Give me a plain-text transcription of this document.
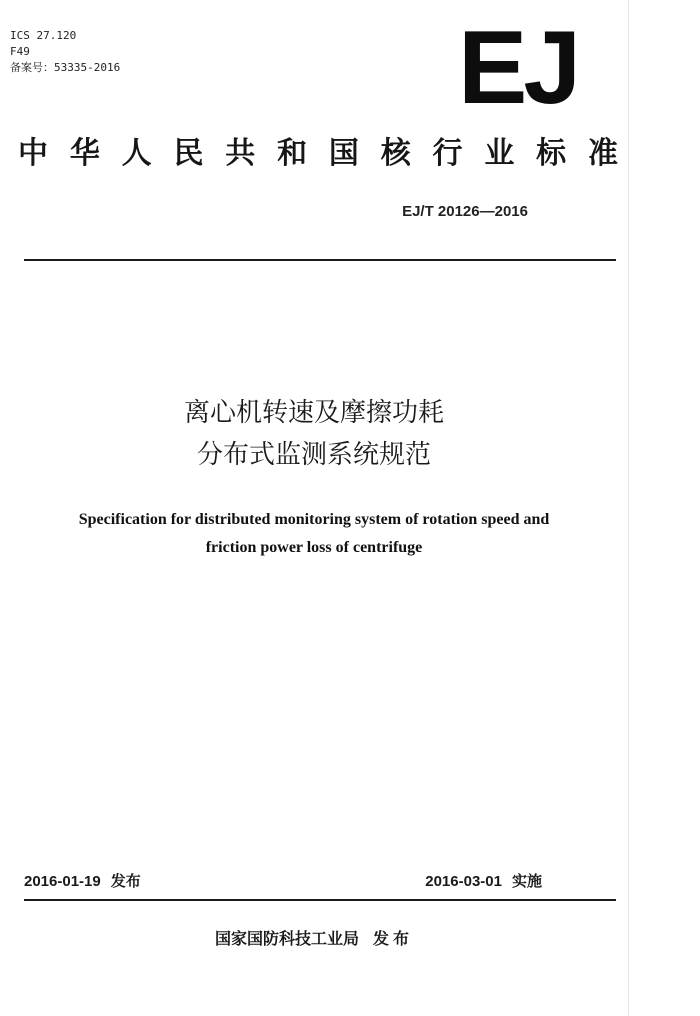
ICS 27.120
F49
备案号：53335-2016	EJ
中 华 人 民 共 和 国 核 行 业 标 准
EJ/T 20126—2016
离心机转速及摩擦功耗
分布式监测系统规范
Specification for distributed monitoring system of rotation speed and
friction power loss of centrifuge
2016-01-19 发布	2016-03-01 实施
国家国防科技工业局 发布
